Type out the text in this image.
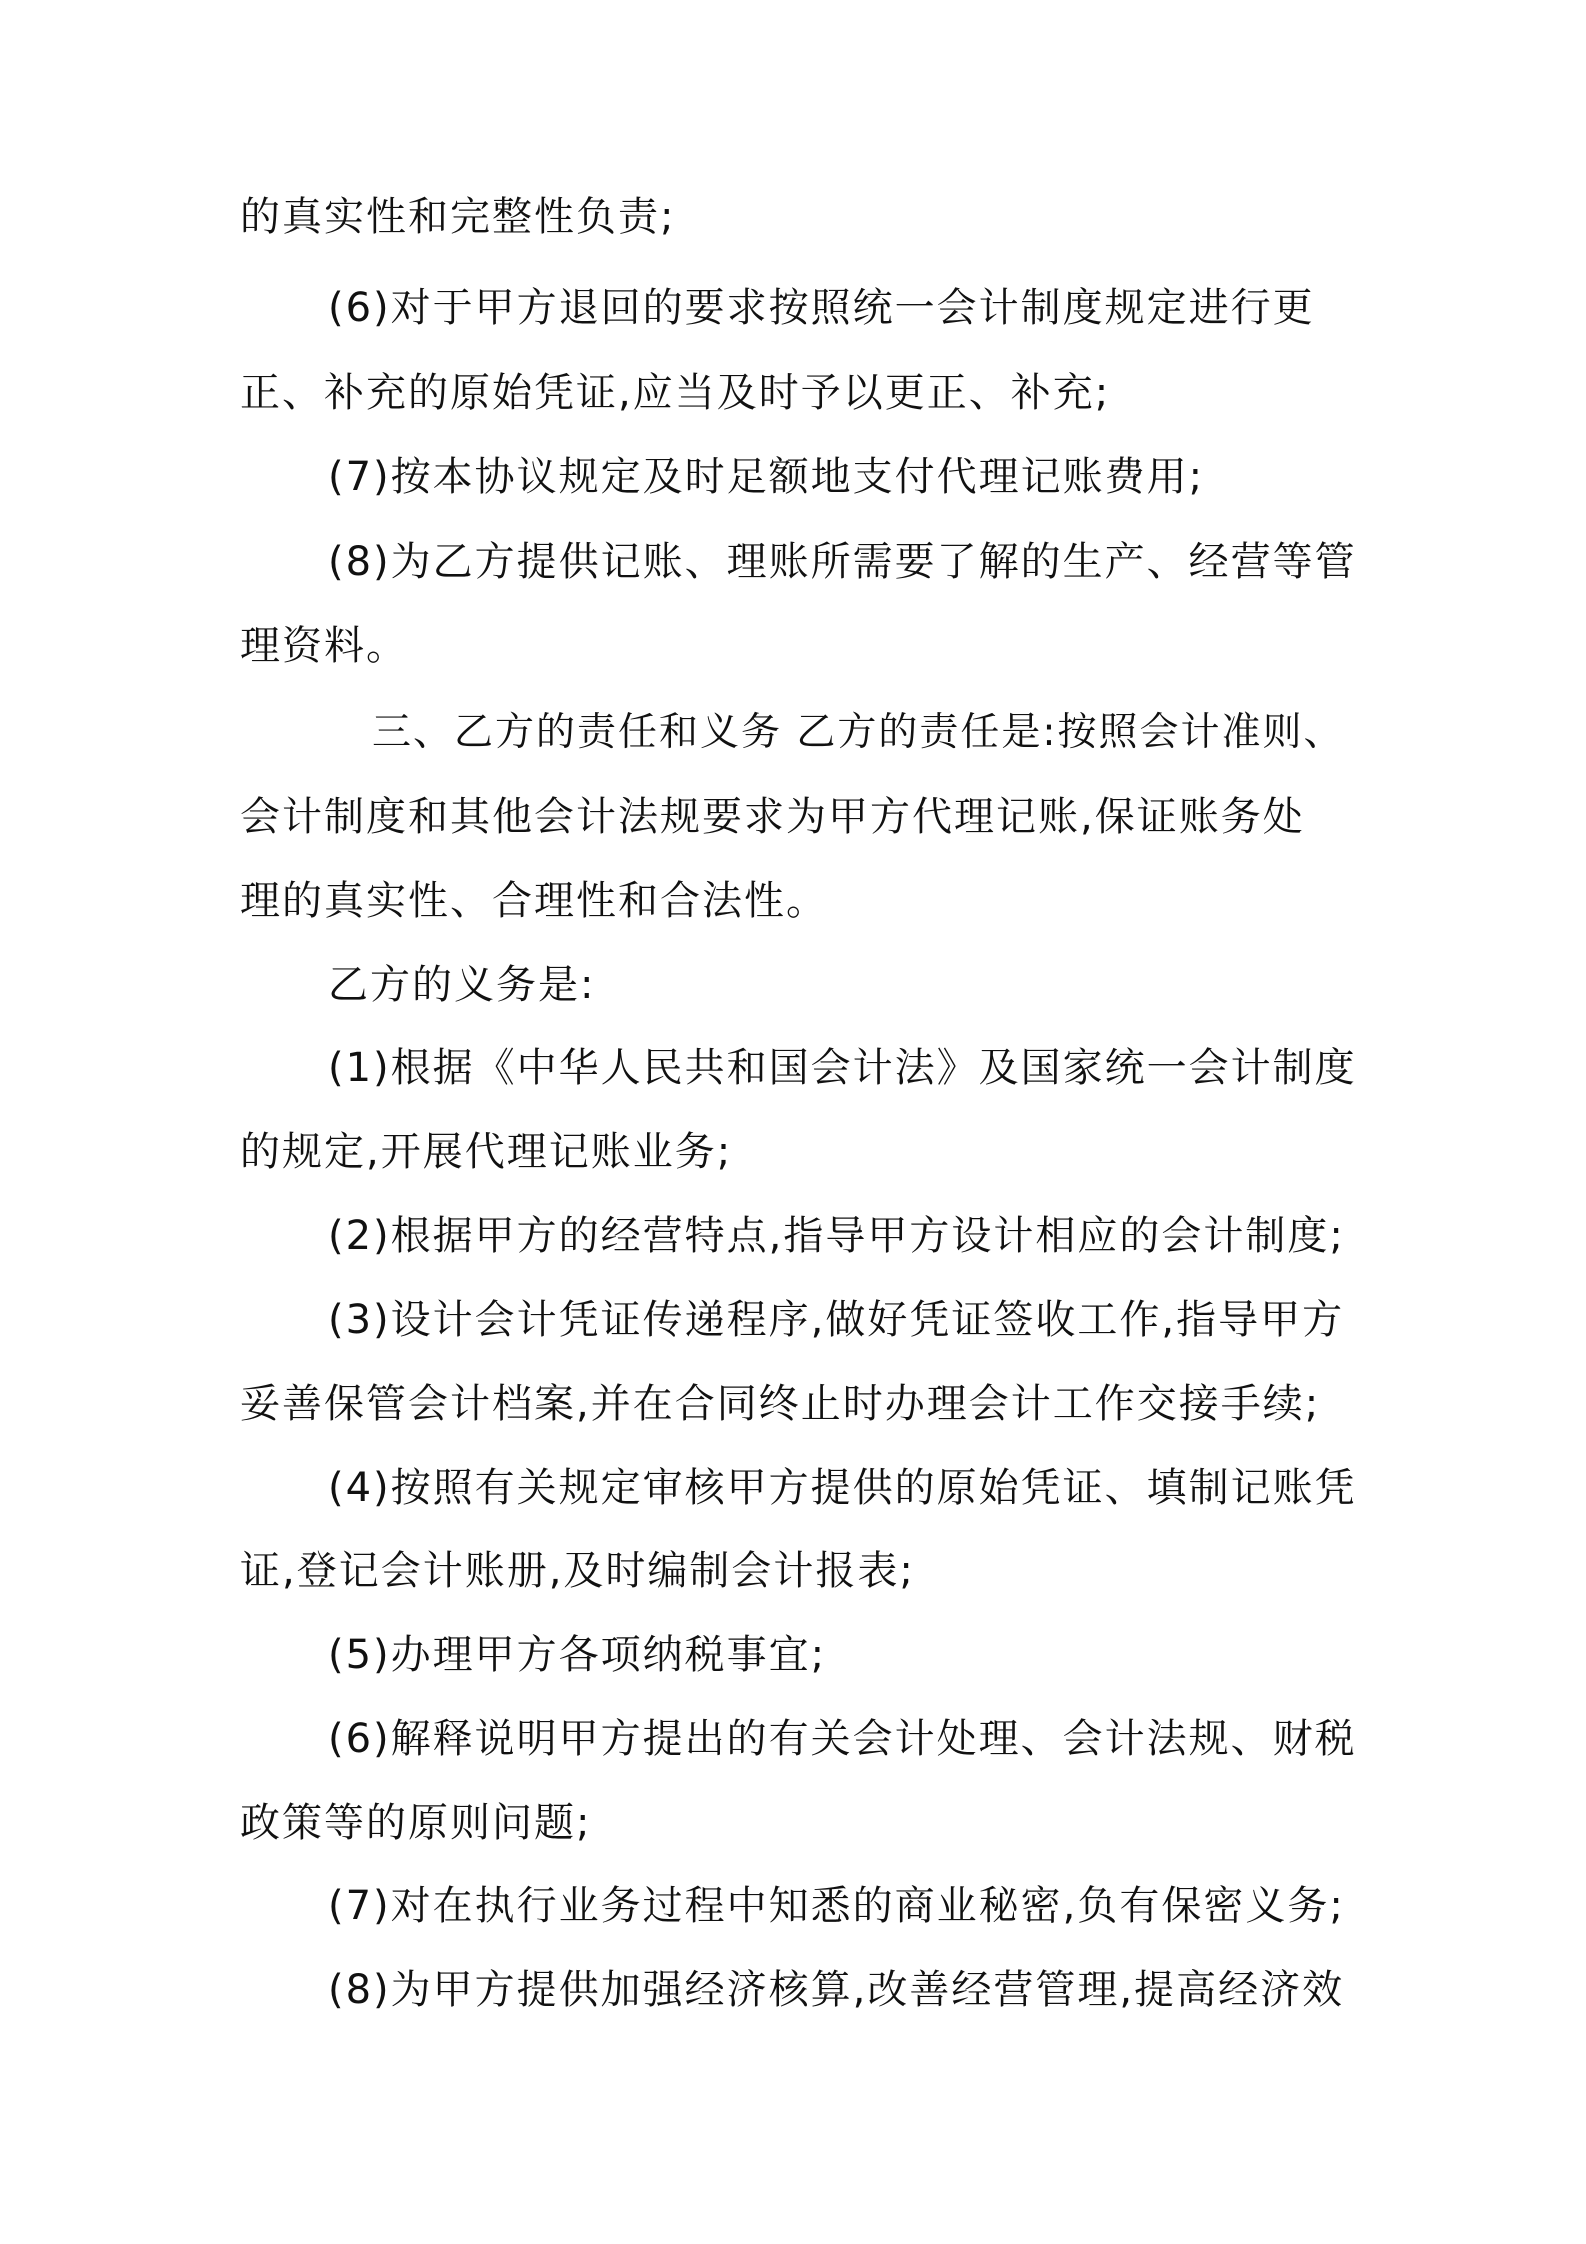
的真实性和完整性负责;
(6)对于甲方退回的要求按照统一会计制度规定进行更
正、补充的原始凭证,应当及时予以更正、补充;
(7)按本协议规定及时足额地支付代理记账费用;
(8)为乙方提供记账、理账所需要了解的生产、经营等管
理资料。
三、乙方的责任和义务 乙方的责任是:按照会计准则、
会计制度和其他会计法规要求为甲方代理记账,保证账务处
理的真实性、合理性和合法性。
乙方的义务是:
(1)根据《中华人民共和国会计法》及国家统一会计制度
的规定,开展代理记账业务;
(2)根据甲方的经营特点,指导甲方设计相应的会计制度;
(3)设计会计凭证传递程序,做好凭证签收工作,指导甲方
妥善保管会计档案,并在合同终止时办理会计工作交接手续;
(4)按照有关规定审核甲方提供的原始凭证、填制记账凭
证,登记会计账册,及时编制会计报表;
(5)办理甲方各项纳税事宜;
(6)解释说明甲方提出的有关会计处理、会计法规、财税
政策等的原则问题;
(7)对在执行业务过程中知悉的商业秘密,负有保密义务;
(8)为甲方提供加强经济核算,改善经营管理,提高经济效
